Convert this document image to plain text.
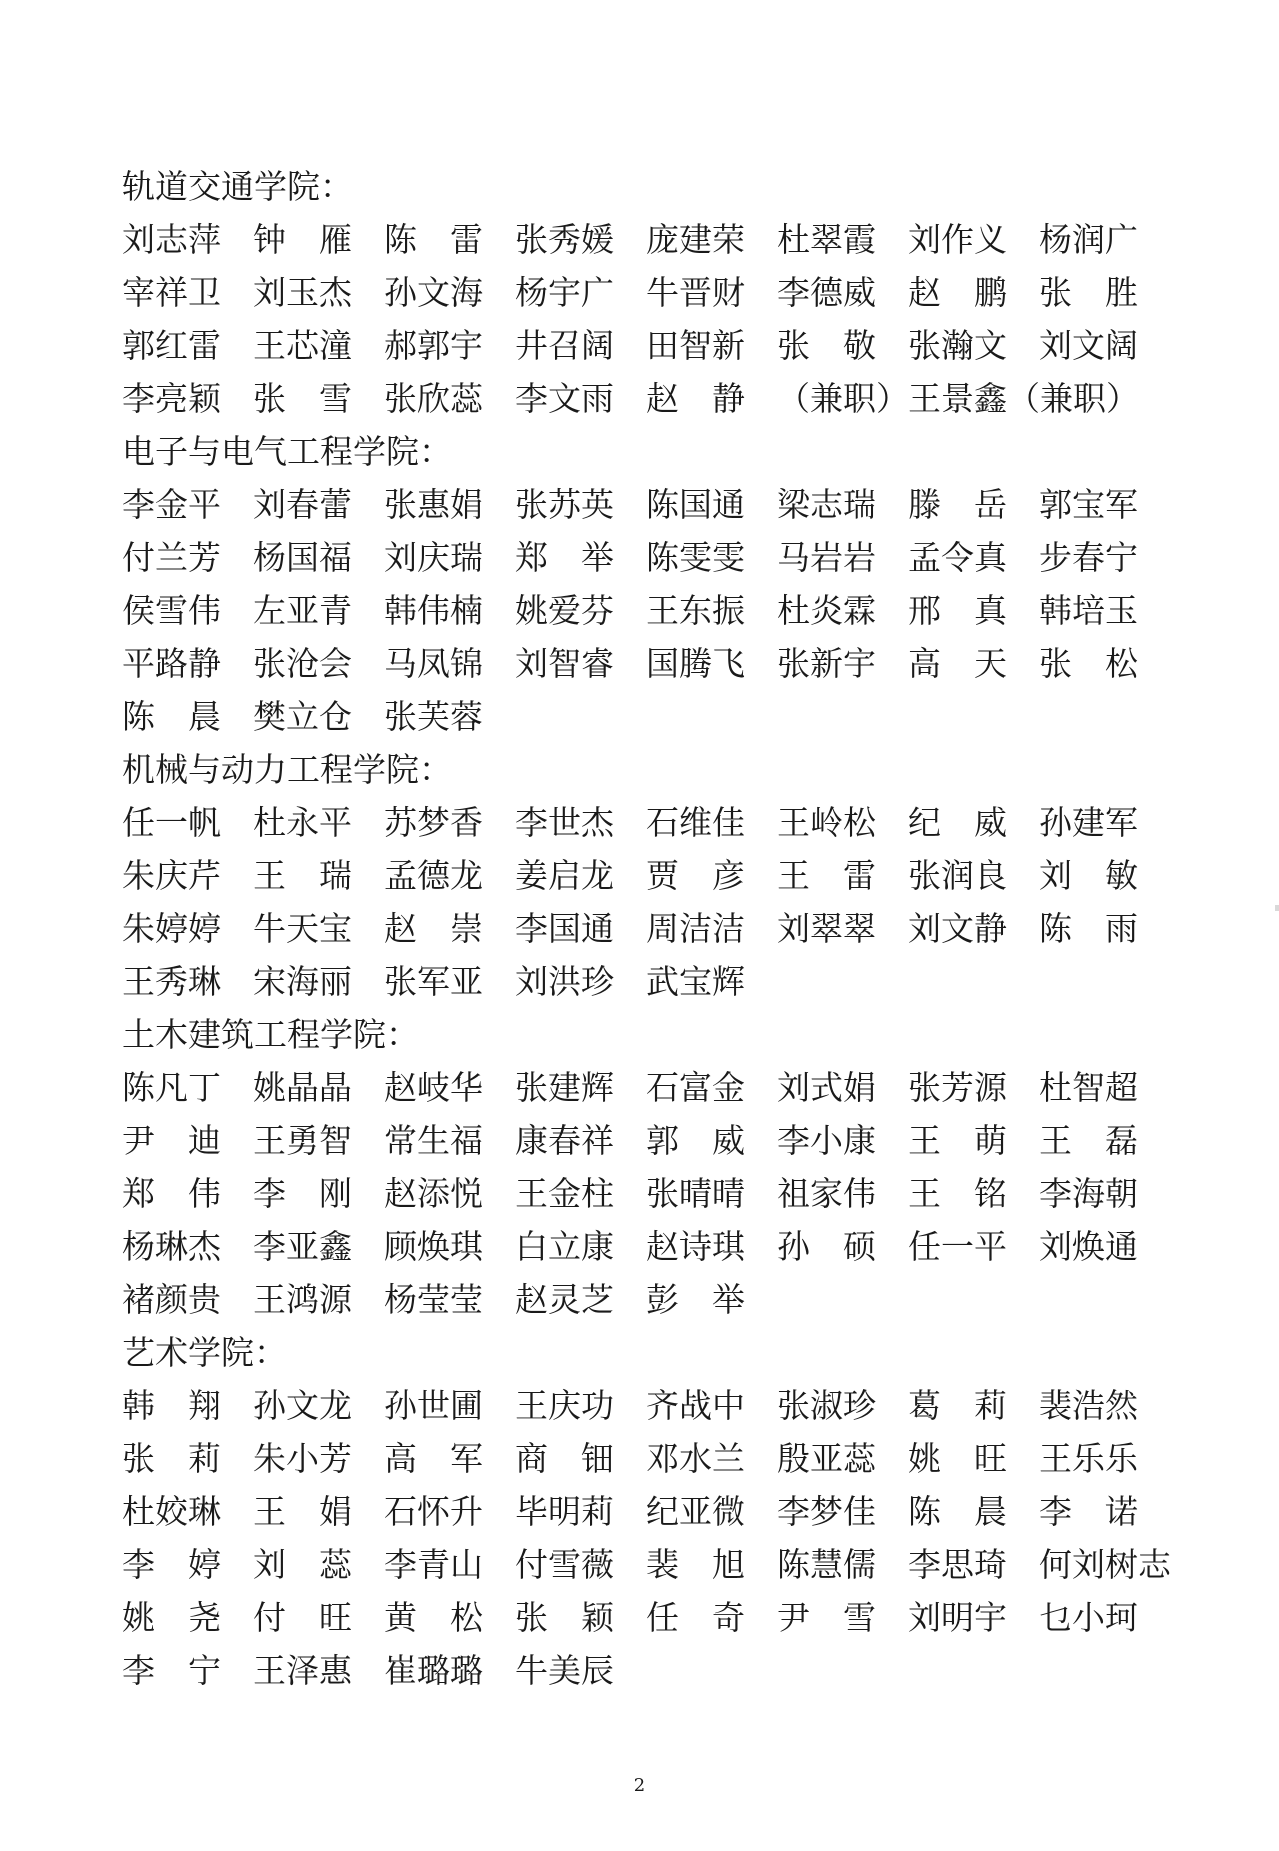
轨道交通学院：
刘志萍 钟 雁 陈 雷 张秀媛 庞建荣 杜翠霞 刘作义 杨润广
宰祥卫 刘玉杰 孙文海 杨宇广 牛晋财 李德威 赵 鹏 张 胜
郭红雷 王芯潼 郝郭宇 井召阔 田智新 张 敬 张瀚文 刘文阔
李亮颖 张 雪 张欣蕊 李文雨 赵 静 （兼职） 王景鑫（兼职）
电子与电气工程学院：
李金平 刘春蕾 张惠娟 张苏英 陈国通 梁志瑞 滕 岳 郭宝军
付兰芳 杨国福 刘庆瑞 郑 举 陈雯雯 马岩岩 孟令真 步春宁
侯雪伟 左亚青 韩伟楠 姚爱芬 王东振 杜炎霖 邢 真 韩培玉
平路静 张沧会 马凤锦 刘智睿 国腾飞 张新宇 高 天 张 松
陈 晨 樊立仓 张芙蓉
机械与动力工程学院：
任一帆 杜永平 苏梦香 李世杰 石维佳 王岭松 纪 威 孙建军
朱庆芹 王 瑞 孟德龙 姜启龙 贾 彦 王 雷 张润良 刘 敏
朱婷婷 牛天宝 赵 崇 李国通 周洁洁 刘翠翠 刘文静 陈 雨
王秀琳 宋海丽 张军亚 刘洪珍 武宝辉
土木建筑工程学院：
陈凡丁 姚晶晶 赵岐华 张建辉 石富金 刘式娟 张芳源 杜智超
尹 迪 王勇智 常生福 康春祥 郭 威 李小康 王 萌 王 磊
郑 伟 李 刚 赵添悦 王金柱 张晴晴 祖家伟 王 铭 李海朝
杨琳杰 李亚鑫 顾焕琪 白立康 赵诗琪 孙 硕 任一平 刘焕通
褚颜贵 王鸿源 杨莹莹 赵灵芝 彭 举
艺术学院：
韩 翔 孙文龙 孙世圃 王庆功 齐战中 张淑珍 葛 莉 裴浩然
张 莉 朱小芳 高 军 商 钿 邓水兰 殷亚蕊 姚 旺 王乐乐
杜姣琳 王 娟 石怀升 毕明莉 纪亚微 李梦佳 陈 晨 李 诺
李 婷 刘 蕊 李青山 付雪薇 裴 旭 陈慧儒 李思琦 何刘树志
姚 尧 付 旺 黄 松 张 颖 任 奇 尹 雪 刘明宇 乜小珂
李 宁 王泽惠 崔璐璐 牛美辰
2
